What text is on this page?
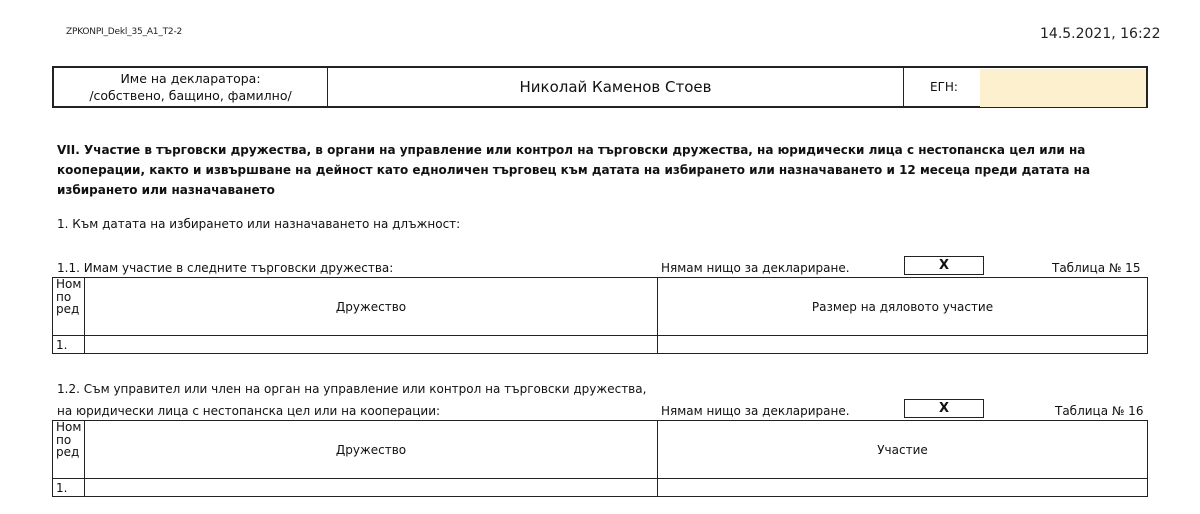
ZPKONPI_Dekl_35_A1_T2-2	14.5.2021, 16:22
Име на декларатора:
/собствено, бащино, фамилно/	Николай Каменов Стоев	ЕГН:
VII. Участие в търговски дружества, в органи на управление или контрол на търговски дружества, на юридически лица с нестопанска цел или на кооперации, както и извършване на дейност като едноличен търговец към датата на избирането или назначаването и 12 месеца преди датата на избирането или назначаването
1. Към датата на избирането или назначаването на длъжност:
1.1. Имам участие в следните търговски дружества:	Нямам нищо за деклариране.	X	Таблица № 15
Ном
по
ред	Дружество	Размер на дяловото участие
1.		
1.2. Съм управител или член на орган на управление или контрол на търговски дружества,
на юридически лица с нестопанска цел или на кооперации:	Нямам нищо за деклариране.	X	Таблица № 16
Ном
по
ред	Дружество	Участие
1.		
